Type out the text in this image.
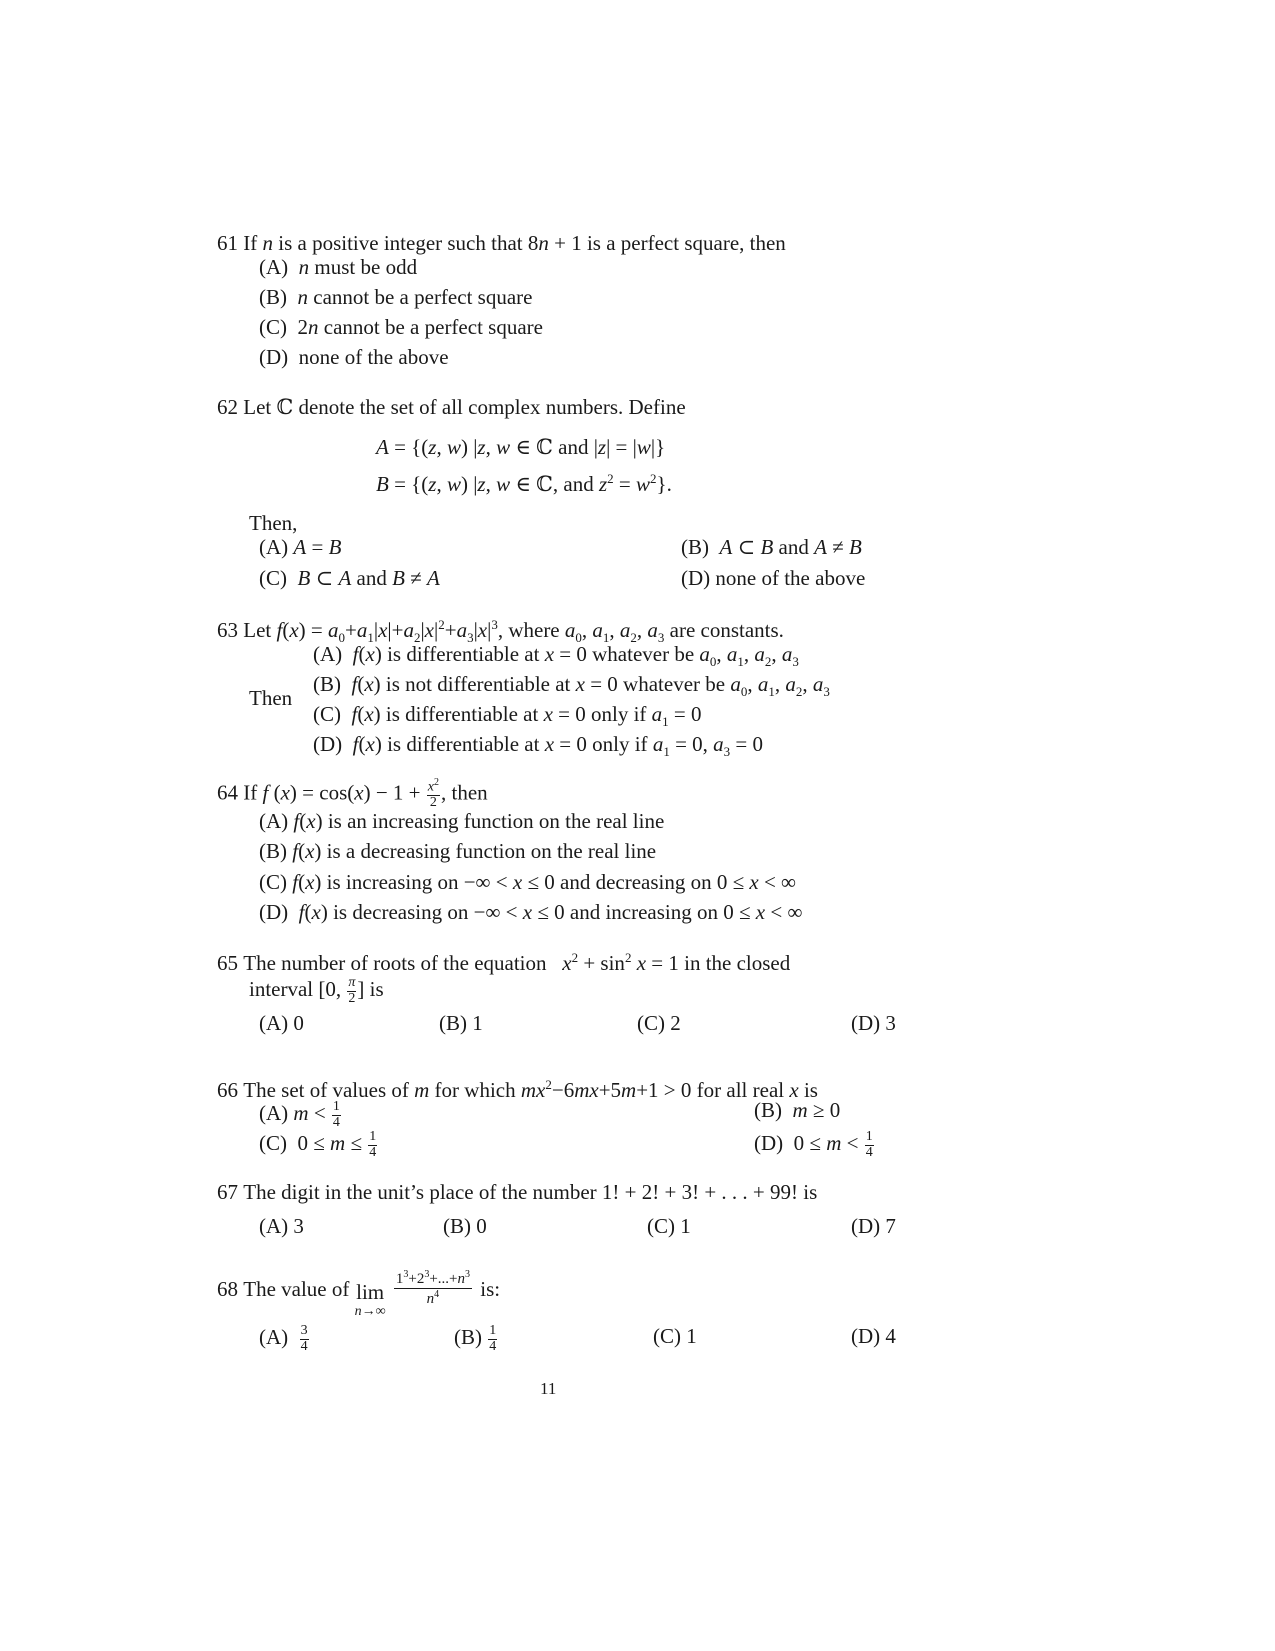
61 If n is a positive integer such that 8n + 1 is a perfect square, then
(A) n must be odd
(B) n cannot be a perfect square
(C)  2n cannot be a perfect square
(D) none of the above
62 Let ℂ denote the set of all complex numbers. Define
A = {(z, w) |z, w ∈ ℂ and |z| = |w|}
B = {(z, w) |z, w ∈ ℂ, and $z^2 = w^2$}.
Then,
(A) A = B	(B) A ⊂ B and A ≠ B
(C) B ⊂ A and B ≠ A	(D) none of the above
63 Let $f(x) = a_0+a_1|x|+a_2|x|^2+a_3|x|^3$, where $a_0$, $a_1$, $a_2$, $a_3$ are constants.
Then
(A) f(x) is differentiable at x = 0 whatever be $a_0$, $a_1$, $a_2$, $a_3$
(B) f(x) is not differentiable at x = 0 whatever be $a_0$, $a_1$, $a_2$, $a_3$
(C) f(x) is differentiable at x = 0 only if $a_1 = 0$
(D) f(x) is differentiable at x = 0 only if $a_1 = 0$, $a_3 = 0$
64 If f $(x) = \cos(x) - 1 + \frac{x^2}{2}$ , then
(A) f(x) is an increasing function on the real line
(B) f(x) is a decreasing function on the real line
(C) f(x) is increasing on −∞ < x ≤ 0 and decreasing on 0 ≤ x < ∞
(D) f(x) is decreasing on −∞ < x ≤ 0 and increasing on 0 ≤ x < ∞
65 The number of roots of the equation $x^2 + \sin^2 x = 1$ in the closed
interval [0, $\frac{\pi}{2}$ ] is
(A) 0	(B) 1	(C) 2	(D) 3
66 The set of values of m for which $mx^2-6mx+5m+1 > 0$ for all real x is
(A) $m < \frac{1}{4}$	(B) m ≥ 0
(C)  $0 \le m \le \frac{1}{4}$	(D)  $0 \le m < \frac{1}{4}$
67 The digit in the unit’s place of the number 1! + 2! + 3! + . . . + 99! is
(A) 3	(B) 0	(C) 1	(D) 7
68 The value of lim
n→∞

$\frac{1^3+2^3+...+n^3}{n^4}$ is:
$(A) \frac{3}{4}$	$(B) \frac{1}{4}$	(C) 1	(D) 4
11
